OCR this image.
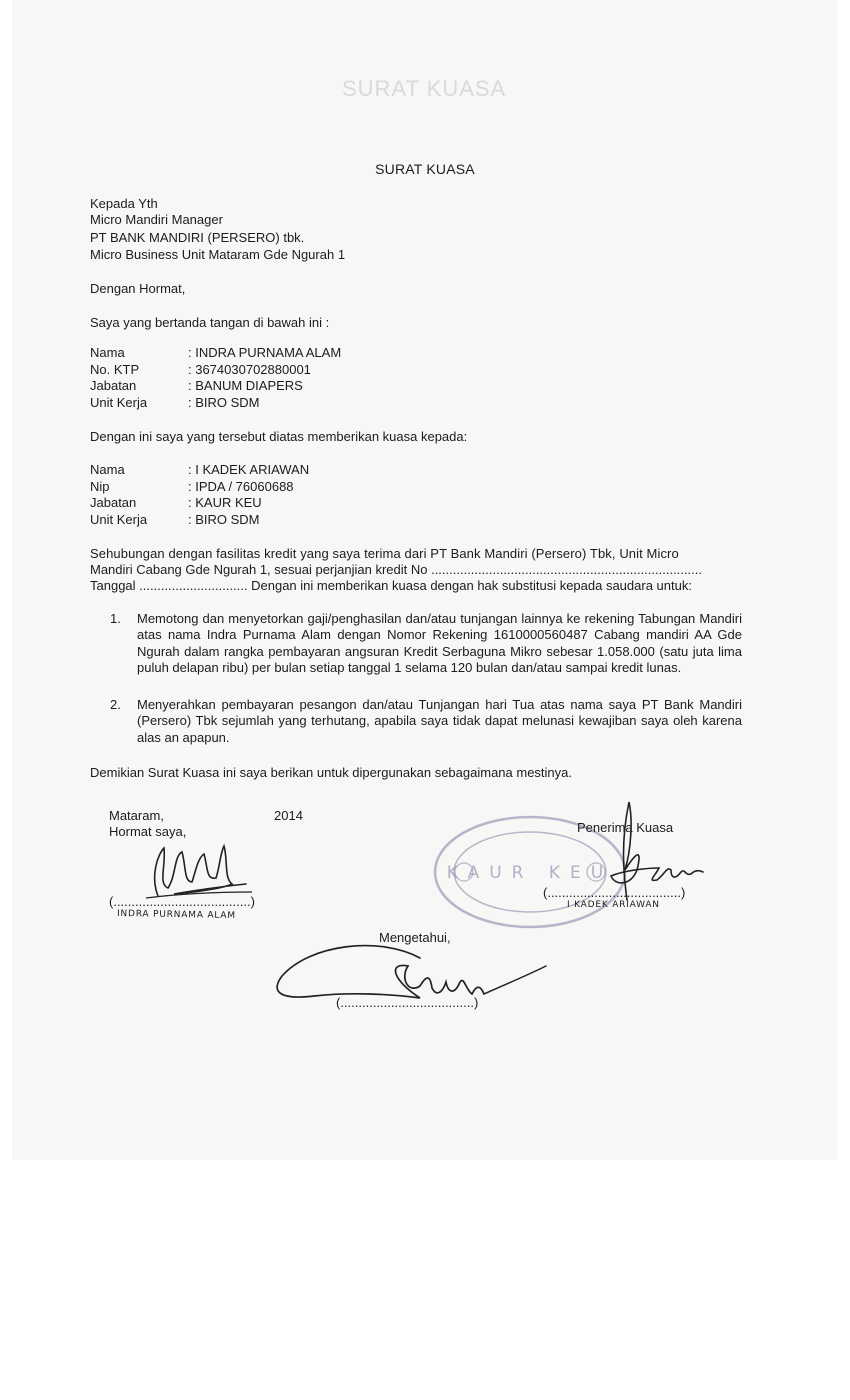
SURAT KUASA
SURAT KUASA
Kepada Yth
Micro Mandiri Manager
PT BANK MANDIRI (PERSERO) tbk.
Micro Business Unit Mataram Gde Ngurah 1
Dengan Hormat,
Saya yang bertanda tangan di bawah ini :
Nama	: INDRA PURNAMA ALAM
No. KTP	: 3674030702880001
Jabatan	: BANUM DIAPERS
Unit Kerja	: BIRO SDM
Dengan ini saya yang tersebut diatas memberikan kuasa kepada:
Nama	: I KADEK ARIAWAN
Nip	: IPDA / 76060688
Jabatan	: KAUR KEU
Unit Kerja	: BIRO SDM
Sehubungan dengan fasilitas kredit yang saya terima dari PT Bank Mandiri (Persero) Tbk, Unit Micro
Mandiri Cabang Gde Ngurah 1, sesuai perjanjian kredit No ...........................................................................
Tanggal .............................. Dengan ini memberikan kuasa dengan hak substitusi kepada saudara untuk:
1. Memotong dan menyetorkan gaji/penghasilan dan/atau tunjangan lainnya ke rekening Tabungan Mandiri atas nama Indra Purnama Alam dengan Nomor Rekening 1610000560487 Cabang mandiri AA Gde Ngurah dalam rangka pembayaran angsuran Kredit Serbaguna Mikro sebesar 1.058.000 (satu juta lima puluh delapan ribu) per bulan setiap tanggal 1 selama 120 bulan dan/atau sampai kredit lunas.
2. Menyerahkan pembayaran pesangon dan/atau Tunjangan hari Tua atas nama saya PT Bank Mandiri (Persero) Tbk sejumlah yang terhutang, apabila saya tidak dapat melunasi kewajiban saya oleh karena alas an apapun.
Demikian Surat Kuasa ini saya berikan untuk dipergunakan sebagaimana mestinya.
Mataram,	2014
Hormat saya,
(......................................)
INDRA PURNAMA ALAM
KAUR KEU
Penerima Kuasa
(.....................................)
I KADEK ARIAWAN
Mengetahui,
(.....................................)
